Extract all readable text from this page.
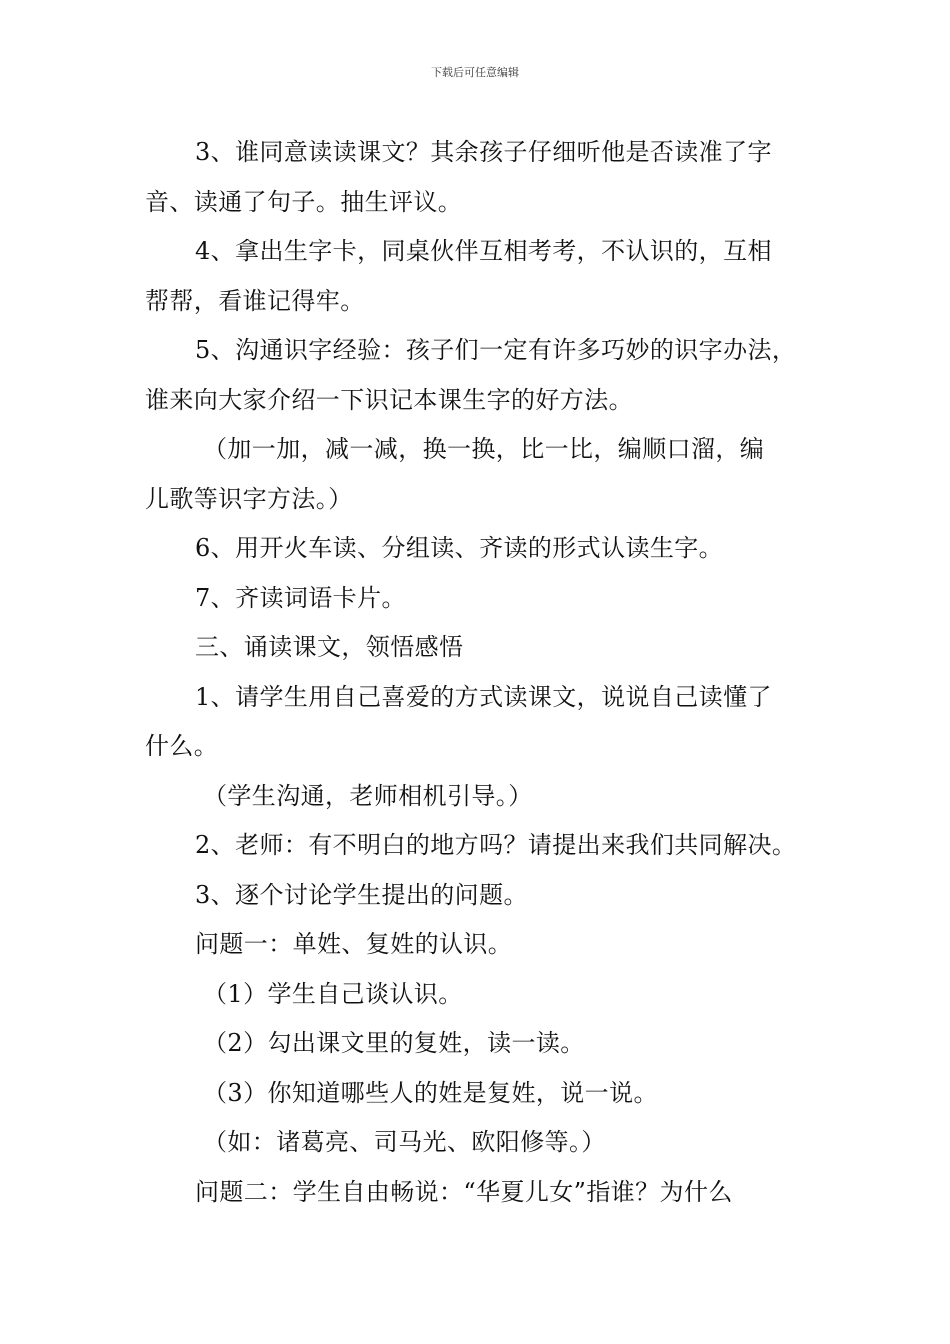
下载后可任意编辑

3、谁同意读读课文？其余孩子仔细听他是否读准了字
音、读通了句子。抽生评议。

4、拿出生字卡，同桌伙伴互相考考，不认识的，互相
帮帮，看谁记得牢。

5、沟通识字经验：孩子们一定有许多巧妙的识字办法，
谁来向大家介绍一下识记本课生字的好方法。

（加一加，减一减，换一换，比一比，编顺口溜，编
儿歌等识字方法。）

6、用开火车读、分组读、齐读的形式认读生字。

7、齐读词语卡片。

三、诵读课文，领悟感悟

1、请学生用自己喜爱的方式读课文，说说自己读懂了
什么。

（学生沟通，老师相机引导。）

2、老师：有不明白的地方吗？请提出来我们共同解决。

3、逐个讨论学生提出的问题。

问题一：单姓、复姓的认识。

（1）学生自己谈认识。

（2）勾出课文里的复姓，读一读。

（3）你知道哪些人的姓是复姓，说一说。

（如：诸葛亮、司马光、欧阳修等。）

问题二：学生自由畅说：“华夏儿女”指谁？为什么
